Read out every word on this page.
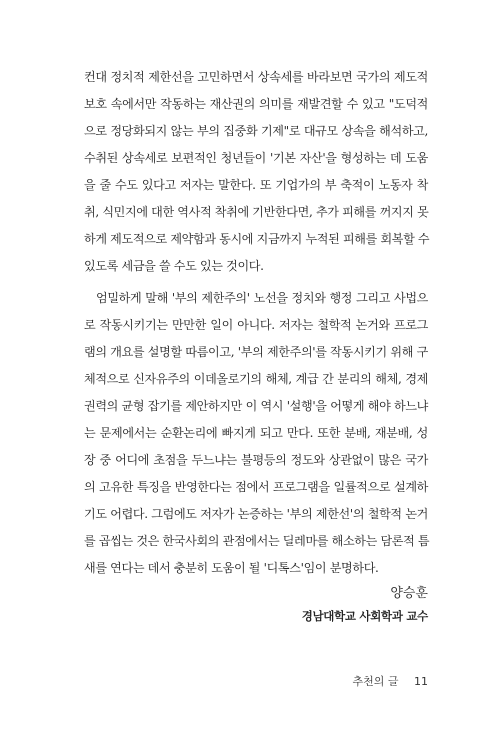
컨대 정치적 제한선을 고민하면서 상속세를 바라보면 국가의 제도적
보호 속에서만 작동하는 재산권의 의미를 재발견할 수 있고 "도덕적
으로 정당화되지 않는 부의 집중화 기제"로 대규모 상속을 해석하고,
수취된 상속세로 보편적인 청년들이 '기본 자산'을 형성하는 데 도움
을 줄 수도 있다고 저자는 말한다. 또 기업가의 부 축적이 노동자 착
취, 식민지에 대한 역사적 착취에 기반한다면, 추가 피해를 꺼지지 못
하게 제도적으로 제약함과 동시에 지금까지 누적된 피해를 회복할 수
있도록 세금을 쓸 수도 있는 것이다.
엄밀하게 말해 '부의 제한주의' 노선을 정치와 행정 그리고 사법으
로 작동시키기는 만만한 일이 아니다. 저자는 철학적 논거와 프로그
램의 개요를 설명할 따름이고, '부의 제한주의'를 작동시키기 위해 구
체적으로 신자유주의 이데올로기의 해체, 계급 간 분리의 해체, 경제
권력의 균형 잡기를 제안하지만 이 역시 '설행'을 어떻게 해야 하느냐
는 문제에서는 순환논리에 빠지게 되고 만다. 또한 분배, 재분배, 성
장 중 어디에 초점을 두느냐는 불평등의 정도와 상관없이 많은 국가
의 고유한 특징을 반영한다는 점에서 프로그램을 일률적으로 설계하
기도 어렵다. 그럼에도 저자가 논증하는 '부의 제한선'의 철학적 논거
를 곱씹는 것은 한국사회의 관점에서는 딜레마를 해소하는 담론적 틈
새를 연다는 데서 충분히 도움이 될 '디톡스'임이 분명하다.
양승훈
경남대학교 사회학과 교수
추천의 글 11
